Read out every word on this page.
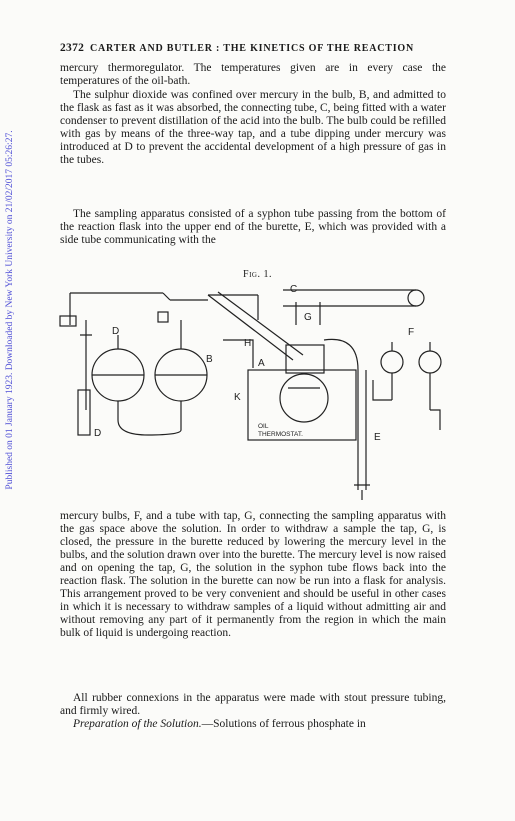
Published on 01 January 1923. Downloaded by New York University on 21/02/2017 05:26:27.
2372 CARTER AND BUTLER : THE KINETICS OF THE REACTION

mercury thermoregulator. The temperatures given are in every case the temperatures of the oil-bath.

The sulphur dioxide was confined over mercury in the bulb, B, and admitted to the flask as fast as it was absorbed, the connecting tube, C, being fitted with a water condenser to prevent distillation of the acid into the bulb. The bulb could be refilled with gas by means of the three-way tap, and a tube dipping under mercury was introduced at D to prevent the accidental development of a high pressure of gas in the tubes.

The sampling apparatus consisted of a syphon tube passing from the bottom of the reaction flask into the upper end of the burette, E, which was provided with a side tube communicating with the

Fig. 1.
D
B
C
G
H
A
F
K
D	E
OIL
THERMOSTAT.

mercury bulbs, F, and a tube with tap, G, connecting the sampling apparatus with the gas space above the solution. In order to withdraw a sample the tap, G, is closed, the pressure in the burette reduced by lowering the mercury level in the bulbs, and the solution drawn over into the burette. The mercury level is now raised and on opening the tap, G, the solution in the syphon tube flows back into the reaction flask. The solution in the burette can now be run into a flask for analysis. This arrangement proved to be very convenient and should be useful in other cases in which it is necessary to withdraw samples of a liquid without admitting air and without removing any part of it permanently from the region in which the main bulk of liquid is undergoing reaction.

All rubber connexions in the apparatus were made with stout pressure tubing, and firmly wired.

Preparation of the Solution.—Solutions of ferrous phosphate in
